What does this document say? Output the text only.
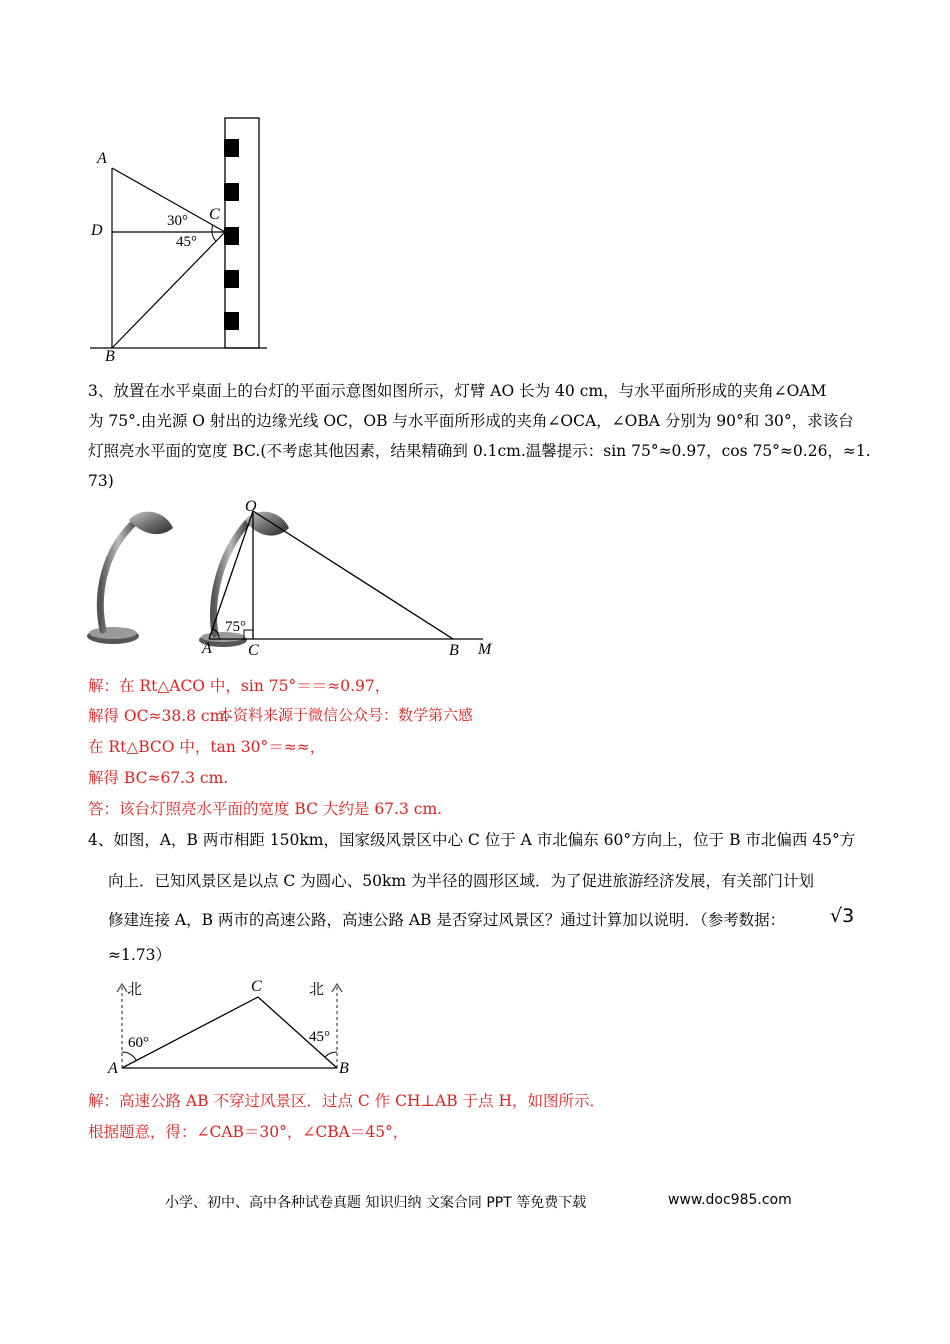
A
D
B
C
30°
45°
3、放置在水平桌面上的台灯的平面示意图如图所示，灯臂 AO 长为 40 cm，与水平面所形成的夹角∠OAM
为 75°.由光源 O 射出的边缘光线 OC，OB 与水平面所形成的夹角∠OCA，∠OBA 分别为 90°和 30°，求该台
灯照亮水平面的宽度 BC.(不考虑其他因素，结果精确到 0.1cm.温馨提示：sin 75°≈0.97，cos 75°≈0.26，≈1.
73)
O
A C	B M
75°
解：在 Rt△ACO 中，sin 75°＝＝≈0.97，
解得 OC≈38.8 cm.
本资料来源于微信公众号：数学第六感
在 Rt△BCO 中，tan 30°＝≈≈，
解得 BC≈67.3 cm.
答：该台灯照亮水平面的宽度 BC 大约是 67.3 cm.
4、如图，A，B 两市相距 150km，国家级风景区中心 C 位于 A 市北偏东 60°方向上，位于 B 市北偏西 45°方
向上．已知风景区是以点 C 为圆心、50km 为半径的圆形区域．为了促进旅游经济发展，有关部门计划
修建连接 A，B 两市的高速公路，高速公路 AB 是否穿过风景区？通过计算加以说明．（参考数据： √3
≈1.73）
北	北
C
A	B
60°	45°
解：高速公路 AB 不穿过风景区．过点 C 作 CH⊥AB 于点 H，如图所示．
根据题意，得：∠CAB＝30°，∠CBA＝45°，
小学、初中、高中各种试卷真题 知识归纳 文案合同 PPT 等免费下载	www.doc985.com
